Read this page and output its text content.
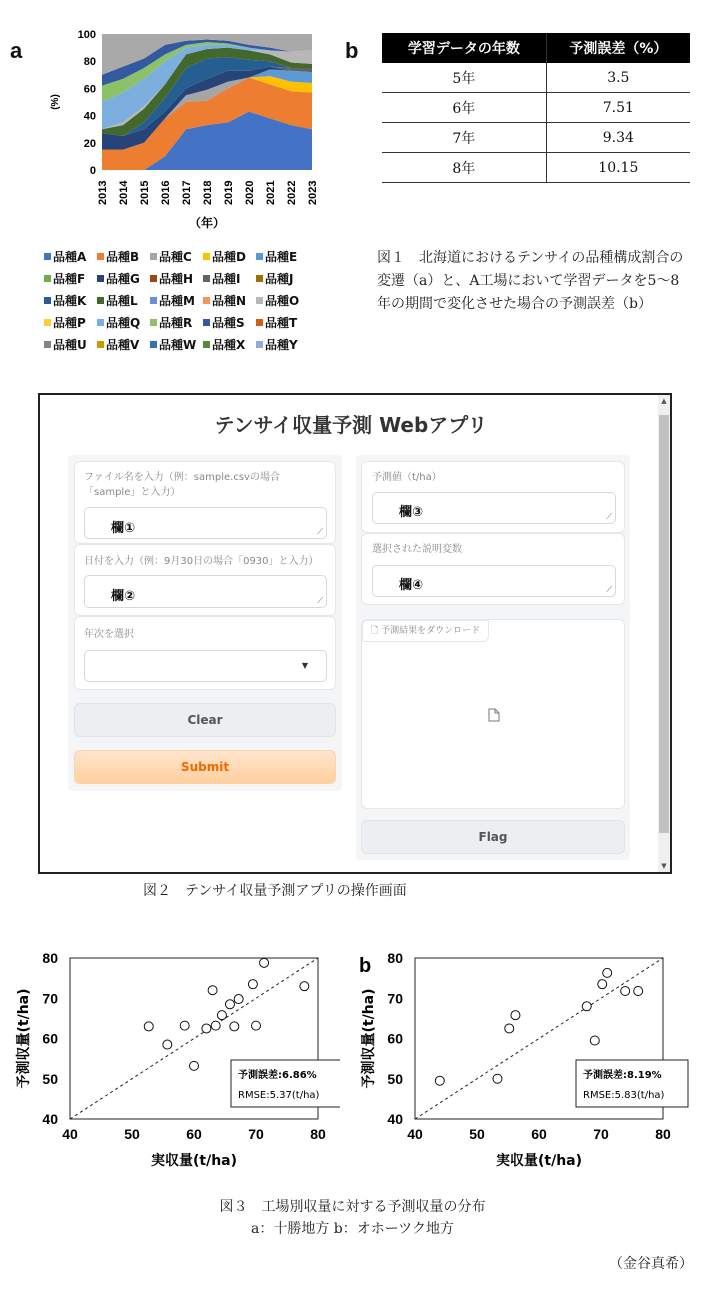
a
0
20
40
60
80
100
2013 2014 2015 2016 2017 2018 2019 2020 2021 2022 2023
(%)
（年）
品種A 品種B 品種C 品種D 品種E品種F 品種G 品種H 品種I 品種J品種K 品種L 品種M 品種N 品種O品種P 品種Q 品種R 品種S 品種T品種U 品種V 品種W 品種X 品種Y
b	学習データの年数	予測誤差（%）
5年	3.5
6年	7.51
7年	9.34
8年	10.15
図１　北海道におけるテンサイの品種構成割合の変遷（a）と、A工場において学習データを5〜8年の期間で変化させた場合の予測誤差（b）
テンサイ収量予測 Webアプリ
▲
▼
ファイル名を入力（例：sample.csvの場合「sample」と入力）
欄①	⟋
日付を入力（例：9月30日の場合「0930」と入力）
欄②	⟋
年次を選択
▼
Clear
Submit
予測値（t/ha）
欄③	⟋
選択された説明変数
欄④	⟋
🗋 予測結果をダウンロード
Flag
図２　テンサイ収量予測アプリの操作画面
40
40
50
50
60
60
70
70
80
80
予測誤差:6.86%
RMSE:5.37(t/ha)
実収量(t/ha)
予測収量(t/ha)
40
40
50
50
60
60
70
70
80
80
予測誤差:8.19%
RMSE:5.83(t/ha)
実収量(t/ha)
予測収量(t/ha)
b
図３　工場別収量に対する予測収量の分布
a：十勝地方 b：オホーツク地方
（金谷真希）
